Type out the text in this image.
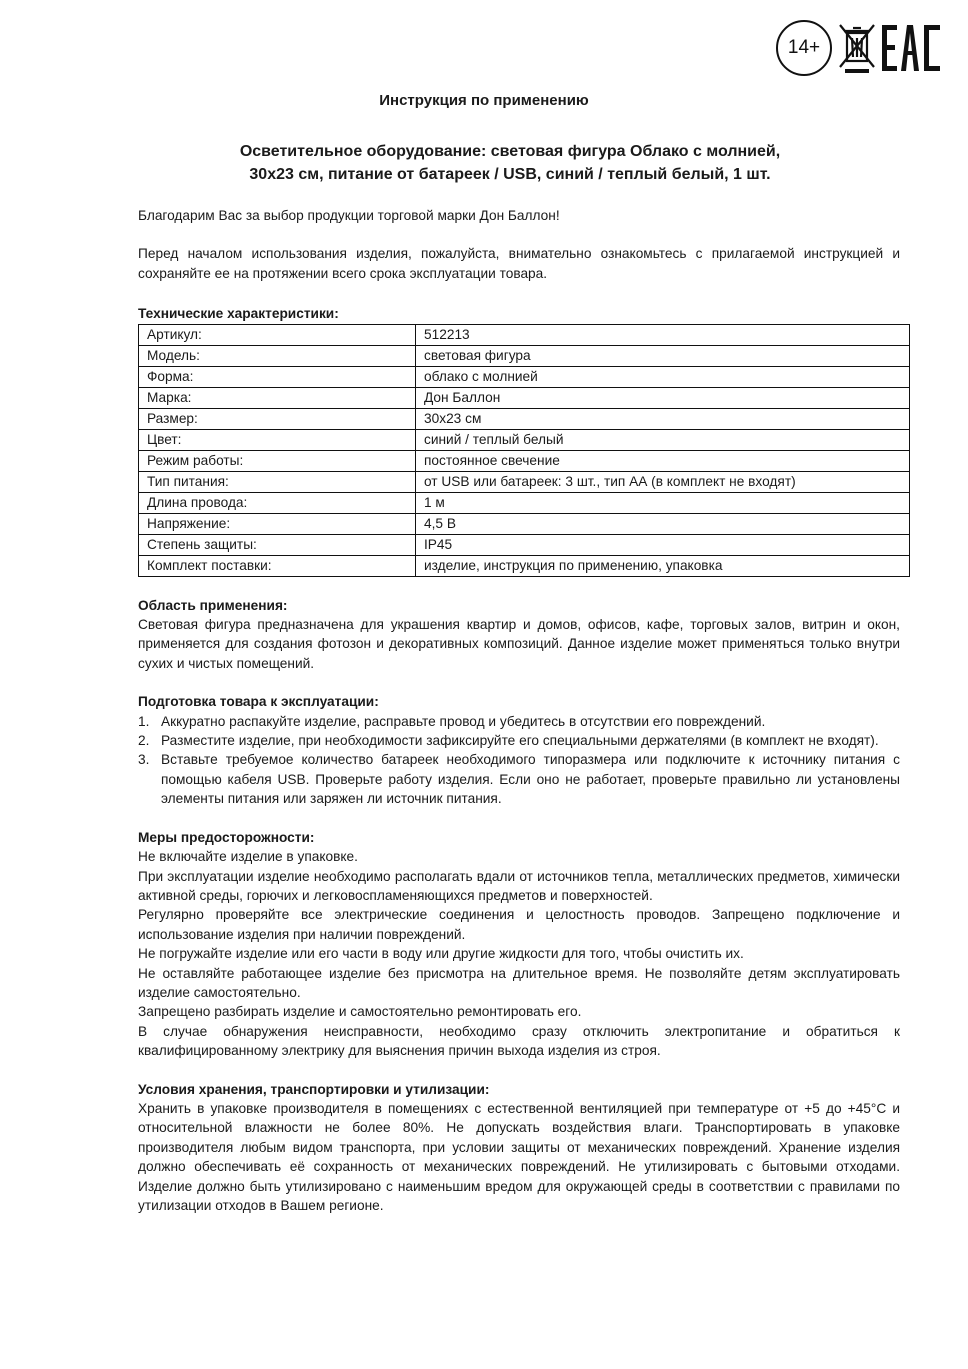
14+
Инструкция по применению
Осветительное оборудование: световая фигура Облако с молнией,
30x23 см, питание от батареек / USB, синий / теплый белый, 1 шт.

Благодарим Вас за выбор продукции торговой марки Дон Баллон!

Перед началом использования изделия, пожалуйста, внимательно ознакомьтесь с прилагаемой инструкцией и сохраняйте ее на протяжении всего срока эксплуатации товара.

Технические характеристики:
Артикул:	512213
Модель:	световая фигура
Форма:	облако с молнией
Марка:	Дон Баллон
Размер:	30x23 см
Цвет:	синий / теплый белый
Режим работы:	постоянное свечение
Тип питания:	от USB или батареек: 3 шт., тип АА (в комплект не входят)
Длина провода:	1 м
Напряжение:	4,5 В
Степень защиты:	IP45
Комплект поставки:	изделие, инструкция по применению, упаковка
Область применения:

Световая фигура предназначена для украшения квартир и домов, офисов, кафе, торговых залов, витрин и окон, применяется для создания фотозон и декоративных композиций. Данное изделие может применяться только внутри сухих и чистых помещений.

Подготовка товара к эксплуатации:
1. Аккуратно распакуйте изделие, расправьте провод и убедитесь в отсутствии его повреждений.
2. Разместите изделие, при необходимости зафиксируйте его специальными держателями (в комплект не входят).
3. Вставьте требуемое количество батареек необходимого типоразмера или подключите к источнику питания с помощью кабеля USB. Проверьте работу изделия. Если оно не работает, проверьте правильно ли установлены элементы питания или заряжен ли источник питания.
Меры предосторожности:

Не включайте изделие в упаковке.

При эксплуатации изделие необходимо располагать вдали от источников тепла, металлических предметов, химически активной среды, горючих и легковоспламеняющихся предметов и поверхностей.

Регулярно проверяйте все электрические соединения и целостность проводов. Запрещено подключение и использование изделия при наличии повреждений.

Не погружайте изделие или его части в воду или другие жидкости для того, чтобы очистить их.

Не оставляйте работающее изделие без присмотра на длительное время. Не позволяйте детям эксплуатировать изделие самостоятельно.

Запрещено разбирать изделие и самостоятельно ремонтировать его.

В случае обнаружения неисправности, необходимо сразу отключить электропитание и обратиться к квалифицированному электрику для выяснения причин выхода изделия из строя.

Условия хранения, транспортировки и утилизации:

Хранить в упаковке производителя в помещениях с естественной вентиляцией при температуре от +5 до +45°С и относительной влажности не более 80%. Не допускать воздействия влаги. Транспортировать в упаковке производителя любым видом транспорта, при условии защиты от механических повреждений. Хранение изделия должно обеспечивать её сохранность от механических повреждений. Не утилизировать с бытовыми отходами. Изделие должно быть утилизировано с наименьшим вредом для окружающей среды в соответствии с правилами по утилизации отходов в Вашем регионе.
